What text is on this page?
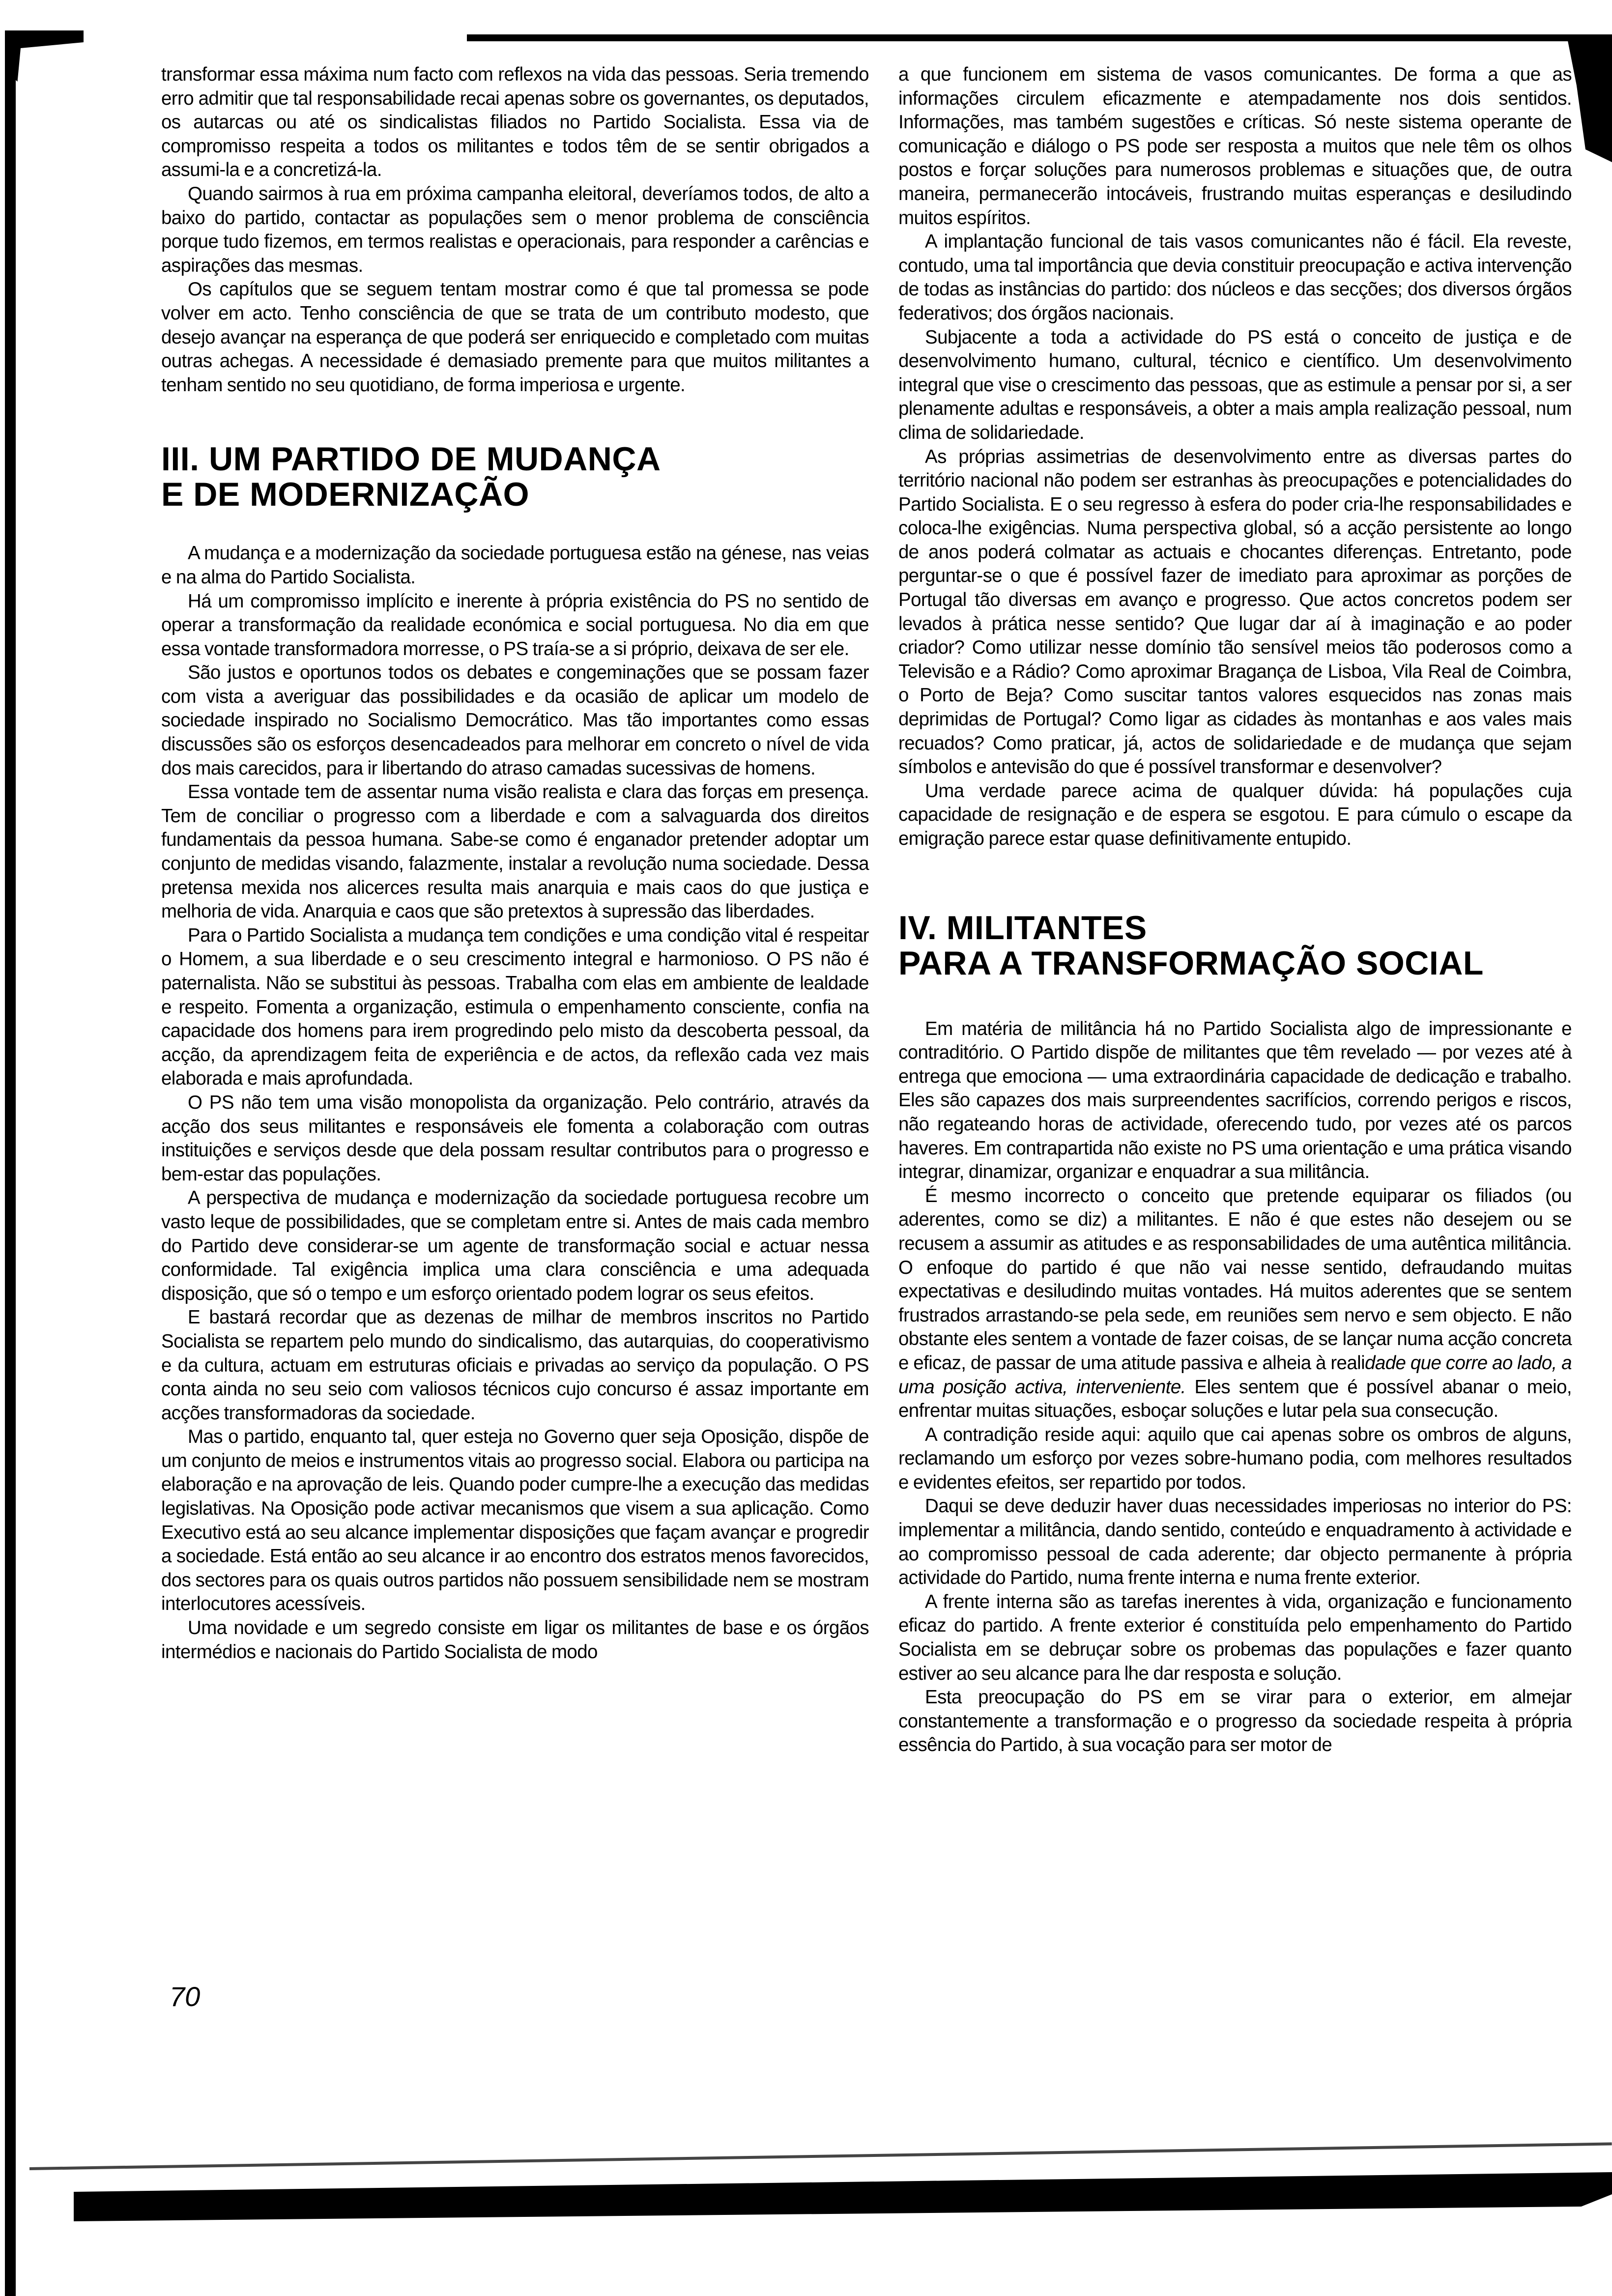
transformar essa máxima num facto com reflexos na vida das pessoas. Seria tremendo erro admitir que tal responsabilidade recai apenas sobre os governantes, os deputados, os autarcas ou até os sindicalistas filiados no Partido Socialista. Essa via de compromisso respeita a todos os militantes e todos têm de se sentir obrigados a assumi-la e a concretizá-la.

Quando sairmos à rua em próxima campanha eleitoral, deveríamos todos, de alto a baixo do partido, contactar as populações sem o menor problema de consciência porque tudo fizemos, em termos realistas e operacionais, para responder a carências e aspirações das mesmas.

Os capítulos que se seguem tentam mostrar como é que tal promessa se pode volver em acto. Tenho consciência de que se trata de um contributo modesto, que desejo avançar na esperança de que poderá ser enriquecido e completado com muitas outras achegas. A necessidade é demasiado premente para que muitos militantes a tenham sentido no seu quotidiano, de forma imperiosa e urgente.

III. UM PARTIDO DE MUDANÇA
E DE MODERNIZAÇÃO

A mudança e a modernização da sociedade portuguesa estão na génese, nas veias e na alma do Partido Socialista.

Há um compromisso implícito e inerente à própria existência do PS no sentido de operar a transformação da realidade económica e social portuguesa. No dia em que essa vontade transformadora morresse, o PS traía-se a si próprio, deixava de ser ele.

São justos e oportunos todos os debates e congeminações que se possam fazer com vista a averiguar das possibilidades e da ocasião de aplicar um modelo de sociedade inspirado no Socialismo Democrático. Mas tão importantes como essas discussões são os esforços desencadeados para melhorar em concreto o nível de vida dos mais carecidos, para ir libertando do atraso camadas sucessivas de homens.

Essa vontade tem de assentar numa visão realista e clara das forças em presença. Tem de conciliar o progresso com a liberdade e com a salvaguarda dos direitos fundamentais da pessoa humana. Sabe-se como é enganador pretender adoptar um conjunto de medidas visando, falazmente, instalar a revolução numa sociedade. Dessa pretensa mexida nos alicerces resulta mais anarquia e mais caos do que justiça e melhoria de vida. Anarquia e caos que são pretextos à supressão das liberdades.

Para o Partido Socialista a mudança tem condições e uma condição vital é respeitar o Homem, a sua liberdade e o seu crescimento integral e harmonioso. O PS não é paternalista. Não se substitui às pessoas. Trabalha com elas em ambiente de lealdade e respeito. Fomenta a organização, estimula o empenhamento consciente, confia na capacidade dos homens para irem progredindo pelo misto da descoberta pessoal, da acção, da aprendizagem feita de experiência e de actos, da reflexão cada vez mais elaborada e mais aprofundada.

O PS não tem uma visão monopolista da organização. Pelo contrário, através da acção dos seus militantes e responsáveis ele fomenta a colaboração com outras instituições e serviços desde que dela possam resultar contributos para o progresso e bem-estar das populações.

A perspectiva de mudança e modernização da sociedade portuguesa recobre um vasto leque de possibilidades, que se completam entre si. Antes de mais cada membro do Partido deve considerar-se um agente de transformação social e actuar nessa conformidade. Tal exigência implica uma clara consciência e uma adequada disposição, que só o tempo e um esforço orientado podem lograr os seus efeitos.

E bastará recordar que as dezenas de milhar de membros inscritos no Partido Socialista se repartem pelo mundo do sindicalismo, das autarquias, do cooperativismo e da cultura, actuam em estruturas oficiais e privadas ao serviço da população. O PS conta ainda no seu seio com valiosos técnicos cujo concurso é assaz importante em acções transformadoras da sociedade.

Mas o partido, enquanto tal, quer esteja no Governo quer seja Oposição, dispõe de um conjunto de meios e instrumentos vitais ao progresso social. Elabora ou participa na elaboração e na aprovação de leis. Quando poder cumpre-lhe a execução das medidas legislativas. Na Oposição pode activar mecanismos que visem a sua aplicação. Como Executivo está ao seu alcance implementar disposições que façam avançar e progredir a sociedade. Está então ao seu alcance ir ao encontro dos estratos menos favorecidos, dos sectores para os quais outros partidos não possuem sensibilidade nem se mostram interlocutores acessíveis.

Uma novidade e um segredo consiste em ligar os militantes de base e os órgãos intermédios e nacionais do Partido Socialista de modo

70

a que funcionem em sistema de vasos comunicantes. De forma a que as informações circulem eficazmente e atempadamente nos dois sentidos. Informações, mas também sugestões e críticas. Só neste sistema operante de comunicação e diálogo o PS pode ser resposta a muitos que nele têm os olhos postos e forçar soluções para numerosos problemas e situações que, de outra maneira, permanecerão intocáveis, frustrando muitas esperanças e desiludindo muitos espíritos.

A implantação funcional de tais vasos comunicantes não é fácil. Ela reveste, contudo, uma tal importância que devia constituir preocupação e activa intervenção de todas as instâncias do partido: dos núcleos e das secções; dos diversos órgãos federativos; dos órgãos nacionais.

Subjacente a toda a actividade do PS está o conceito de justiça e de desenvolvimento humano, cultural, técnico e científico. Um desenvolvimento integral que vise o crescimento das pessoas, que as estimule a pensar por si, a ser plenamente adultas e responsáveis, a obter a mais ampla realização pessoal, num clima de solidariedade.

As próprias assimetrias de desenvolvimento entre as diversas partes do território nacional não podem ser estranhas às preocupações e potencialidades do Partido Socialista. E o seu regresso à esfera do poder cria-lhe responsabilidades e coloca-lhe exigências. Numa perspectiva global, só a acção persistente ao longo de anos poderá colmatar as actuais e chocantes diferenças. Entretanto, pode perguntar-se o que é possível fazer de imediato para aproximar as porções de Portugal tão diversas em avanço e progresso. Que actos concretos podem ser levados à prática nesse sentido? Que lugar dar aí à imaginação e ao poder criador? Como utilizar nesse domínio tão sensível meios tão poderosos como a Televisão e a Rádio? Como aproximar Bragança de Lisboa, Vila Real de Coimbra, o Porto de Beja? Como suscitar tantos valores esquecidos nas zonas mais deprimidas de Portugal? Como ligar as cidades às montanhas e aos vales mais recuados? Como praticar, já, actos de solidariedade e de mudança que sejam símbolos e antevisão do que é possível transformar e desenvolver?

Uma verdade parece acima de qualquer dúvida: há populações cuja capacidade de resignação e de espera se esgotou. E para cúmulo o escape da emigração parece estar quase definitivamente entupido.

IV. MILITANTES
PARA A TRANSFORMAÇÃO SOCIAL

Em matéria de militância há no Partido Socialista algo de impressionante e contraditório. O Partido dispõe de militantes que têm revelado — por vezes até à entrega que emociona — uma extraordinária capacidade de dedicação e trabalho. Eles são capazes dos mais surpreendentes sacrifícios, correndo perigos e riscos, não regateando horas de actividade, oferecendo tudo, por vezes até os parcos haveres. Em contrapartida não existe no PS uma orientação e uma prática visando integrar, dinamizar, organizar e enquadrar a sua militância.

É mesmo incorrecto o conceito que pretende equiparar os filiados (ou aderentes, como se diz) a militantes. E não é que estes não desejem ou se recusem a assumir as atitudes e as responsabilidades de uma autêntica militância. O enfoque do partido é que não vai nesse sentido, defraudando muitas expectativas e desiludindo muitas vontades. Há muitos aderentes que se sentem frustrados arrastando-se pela sede, em reuniões sem nervo e sem objecto. E não obstante eles sentem a vontade de fazer coisas, de se lançar numa acção concreta e eficaz, de passar de uma atitude passiva e alheia à realidade que corre ao lado, a uma posição activa, interveniente. Eles sentem que é possível abanar o meio, enfrentar muitas situações, esboçar soluções e lutar pela sua consecução.

A contradição reside aqui: aquilo que cai apenas sobre os ombros de alguns, reclamando um esforço por vezes sobre-humano podia, com melhores resultados e evidentes efeitos, ser repartido por todos.

Daqui se deve deduzir haver duas necessidades imperiosas no interior do PS: implementar a militância, dando sentido, conteúdo e enquadramento à actividade e ao compromisso pessoal de cada aderente; dar objecto permanente à própria actividade do Partido, numa frente interna e numa frente exterior.

A frente interna são as tarefas inerentes à vida, organização e funcionamento eficaz do partido. A frente exterior é constituída pelo empenhamento do Partido Socialista em se debruçar sobre os probemas das populações e fazer quanto estiver ao seu alcance para lhe dar resposta e solução.

Esta preocupação do PS em se virar para o exterior, em almejar constantemente a transformação e o progresso da sociedade respeita à própria essência do Partido, à sua vocação para ser motor de
